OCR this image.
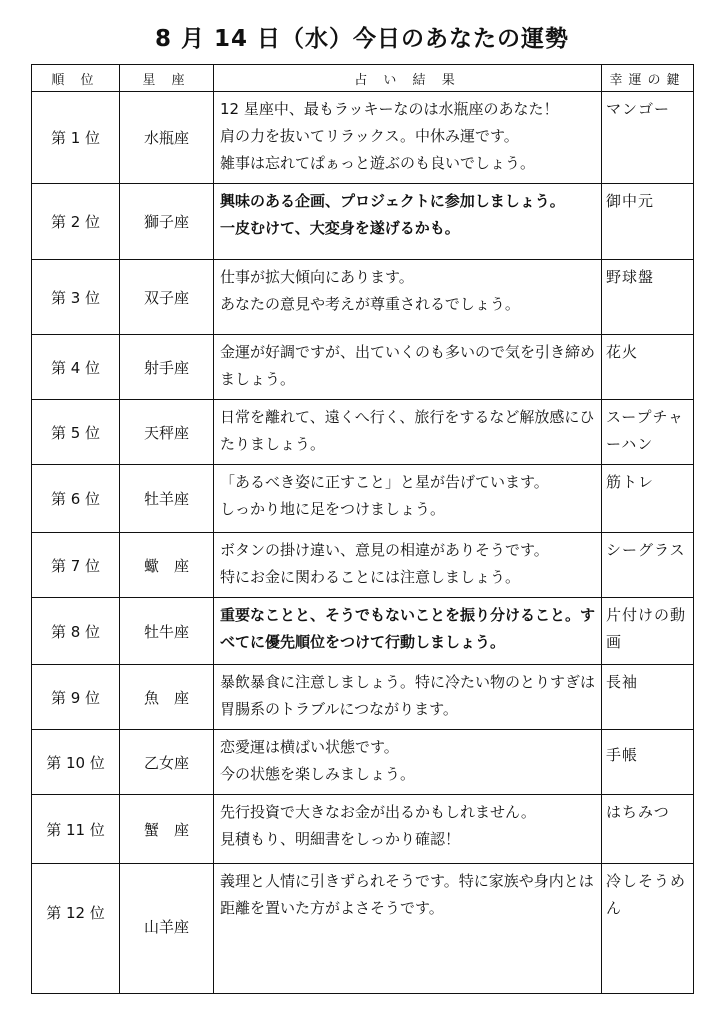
8 月 14 日（水）今日のあなたの運勢
順 位	星 座	占 い 結 果	幸運の鍵
第 1 位	水瓶座	12 星座中、最もラッキーなのは水瓶座のあなた！
肩の力を抜いてリラックス。中休み運です。
雑事は忘れてぱぁっと遊ぶのも良いでしょう。	マンゴー
第 2 位	獅子座	興味のある企画、プロジェクトに参加しましょう。
一皮むけて、大変身を遂げるかも。	御中元
第 3 位	双子座	仕事が拡大傾向にあります。
あなたの意見や考えが尊重されるでしょう。	野球盤
第 4 位	射手座	金運が好調ですが、出ていくのも多いので気を引き締めましょう。	花火
第 5 位	天秤座	日常を離れて、遠くへ行く、旅行をするなど解放感にひたりましょう。	スープチャーハン
第 6 位	牡羊座	「あるべき姿に正すこと」と星が告げています。
しっかり地に足をつけましょう。	筋トレ
第 7 位	蠍　座	ボタンの掛け違い、意見の相違がありそうです。
特にお金に関わることには注意しましょう。	シーグラス
第 8 位	牡牛座	重要なことと、そうでもないことを振り分けること。すべてに優先順位をつけて行動しましょう。	片付けの動画
第 9 位	魚　座	暴飲暴食に注意しましょう。特に冷たい物のとりすぎは胃腸系のトラブルにつながります。	長袖
第 10 位	乙女座	恋愛運は横ばい状態です。
今の状態を楽しみましょう。	手帳

第 11 位	蟹　座	先行投資で大きなお金が出るかもしれません。
見積もり、明細書をしっかり確認！	はちみつ
第 12 位	山羊座	義理と人情に引きずられそうです。特に家族や身内とは距離を置いた方がよさそうです。	冷しそうめん
